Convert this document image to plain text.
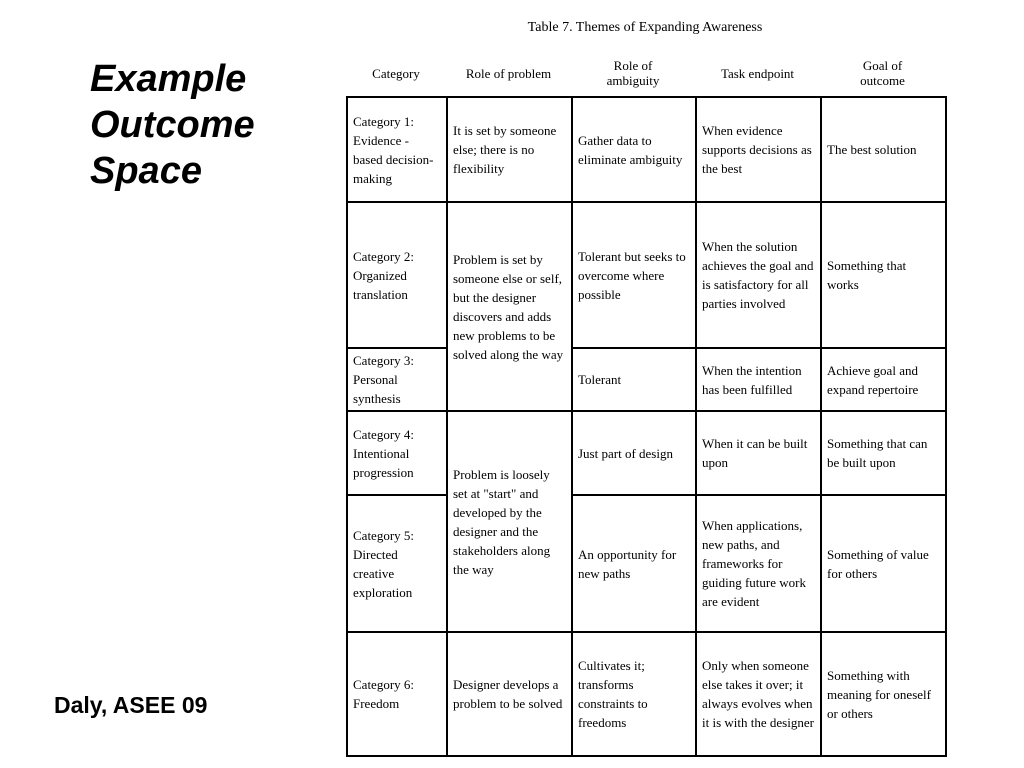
Example
Outcome
Space
Daly, ASEE 09
Table 7. Themes of Expanding Awareness
Category	Role of problem	Role of ambiguity	Task endpoint	Goal of outcome
Category 1: Evidence - based decision-making	It is set by someone else; there is no flexibility	Gather data to eliminate ambiguity	When evidence supports decisions as the best	The best solution
Category 2: Organized translation	Problem is set by someone else or self, but the designer discovers and adds new problems to be solved along the way	Tolerant but seeks to overcome where possible	When the solution achieves the goal and is satisfactory for all parties involved	Something that works
Category 3: Personal synthesis		Tolerant	When the intention has been fulfilled	Achieve goal and expand repertoire
Category 4: Intentional progression	Problem is loosely set at "start" and developed by the designer and the stakeholders along the way	Just part of design	When it can be built upon	Something that can be built upon
Category 5: Directed creative exploration		An opportunity for new paths	When applications, new paths, and frameworks for guiding future work are evident	Something of value for others
Category 6: Freedom	Designer develops a problem to be solved	Cultivates it; transforms constraints to freedoms	Only when someone else takes it over; it always evolves when it is with the designer	Something with meaning for oneself or others
